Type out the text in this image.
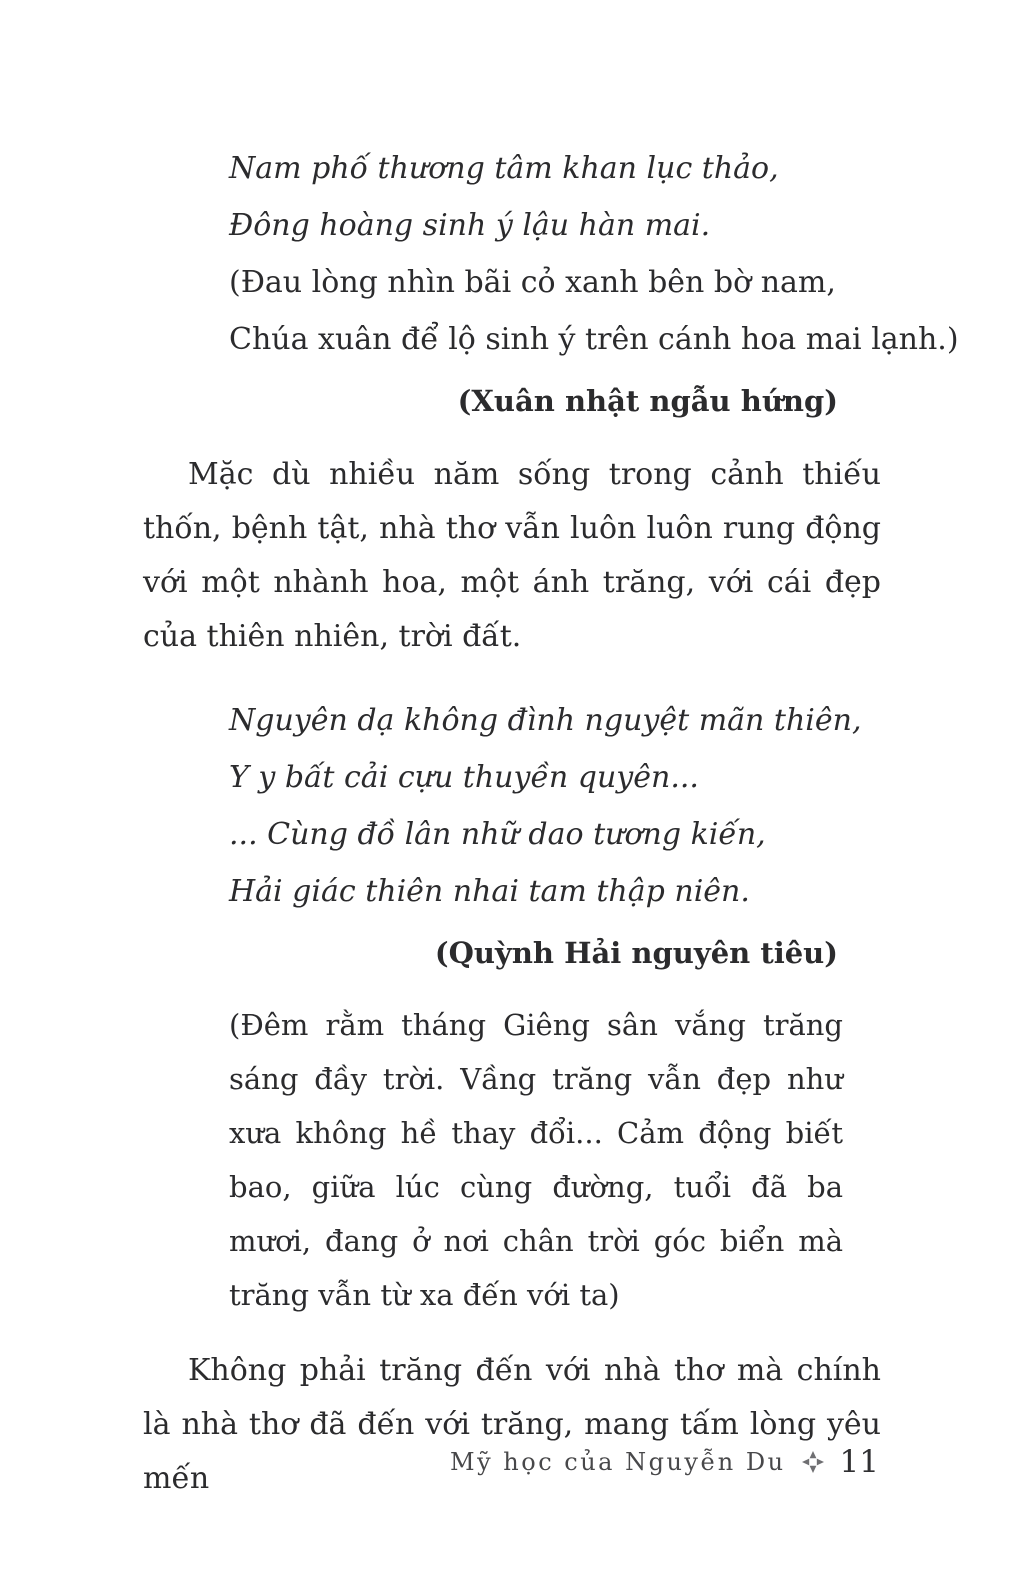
Nam phố thương tâm khan lục thảo,
Đông hoàng sinh ý lậu hàn mai.
(Đau lòng nhìn bãi cỏ xanh bên bờ nam,
Chúa xuân để lộ sinh ý trên cánh hoa mai lạnh.)
(Xuân nhật ngẫu hứng)

Mặc dù nhiều năm sống trong cảnh thiếu thốn, bệnh tật, nhà thơ vẫn luôn luôn rung động với một nhành hoa, một ánh trăng, với cái đẹp của thiên nhiên, trời đất.

Nguyên dạ không đình nguyệt mãn thiên,
Y y bất cải cựu thuyền quyên...
... Cùng đồ lân nhữ dao tương kiến,
Hải giác thiên nhai tam thập niên.
(Quỳnh Hải nguyên tiêu)
(Đêm rằm tháng Giêng sân vắng trăng sáng đầy trời. Vầng trăng vẫn đẹp như xưa không hề thay đổi... Cảm động biết bao, giữa lúc cùng đường, tuổi đã ba mươi, đang ở nơi chân trời góc biển mà trăng vẫn từ xa đến với ta)

Không phải trăng đến với nhà thơ mà chính là nhà thơ đã đến với trăng, mang tấm lòng yêu mến	Mỹ học của Nguyễn Du 11
